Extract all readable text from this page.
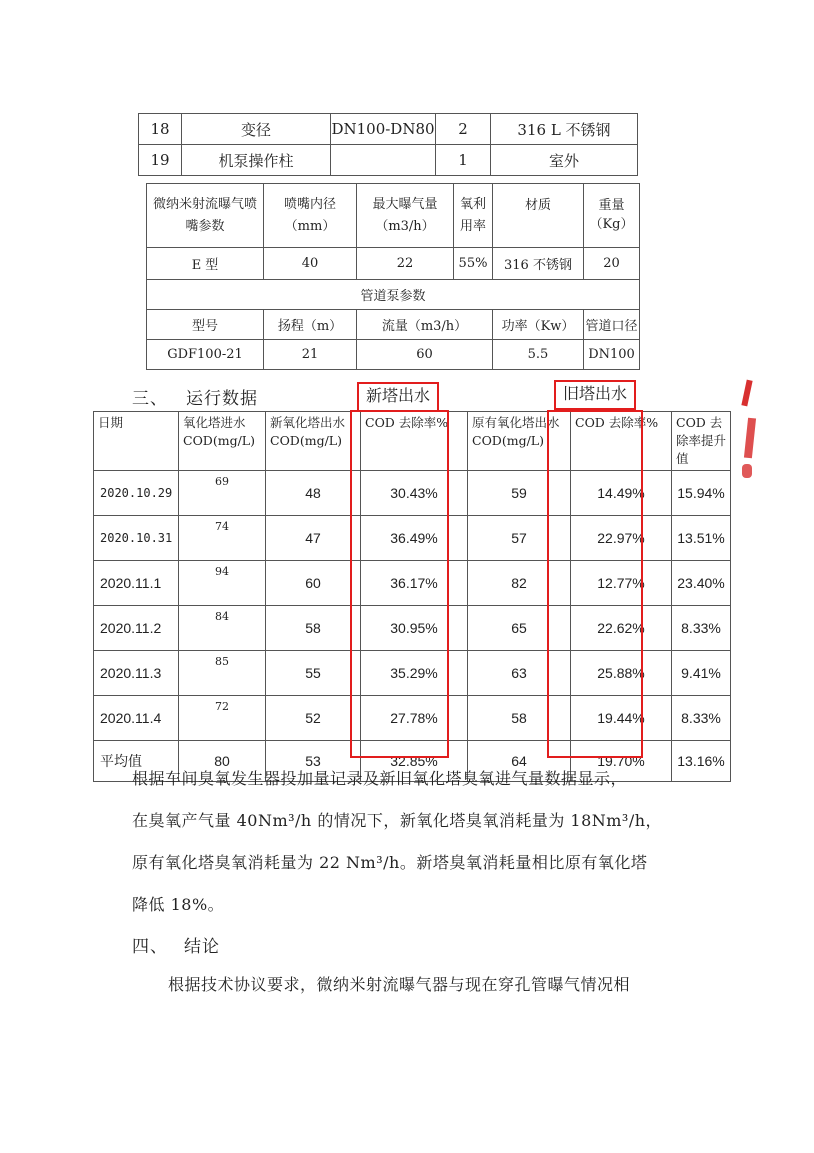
18	变径	DN100-DN80	2	316 L 不锈钢
19	机泵操作柱		1	室外
微纳米射流曝气喷嘴参数	喷嘴内径（mm）	最大曝气量（m3/h）	氧利用率	材质	重量（Kg）
E 型	40	22	55%	316 不锈钢	20
管道泵参数					
型号	扬程（m）	流量（m3/h）		功率（Kw）	管道口径
GDF100-21	21	60		5.5	DN100
三、 运行数据	新塔出水	旧塔出水
日期	氧化塔进水COD(mg/L)	新氧化塔出水COD(mg/L)	COD 去除率%	原有氧化塔出水COD(mg/L)	COD 去除率%	COD 去除率提升值
2020.10.29	69	48	30.43%	59	14.49%	15.94%
2020.10.31	74	47	36.49%	57	22.97%	13.51%
2020.11.1	94	60	36.17%	82	12.77%	23.40%
2020.11.2	84	58	30.95%	65	22.62%	8.33%
2020.11.3	85	55	35.29%	63	25.88%	9.41%
2020.11.4	72	52	27.78%	58	19.44%	8.33%
平均值	80	53	32.85%	64	19.70%	13.16%
根据车间臭氧发生器投加量记录及新旧氧化塔臭氧进气量数据显示，
在臭氧产气量 40Nm³/h 的情况下，新氧化塔臭氧消耗量为 18Nm³/h，
原有氧化塔臭氧消耗量为 22 Nm³/h。新塔臭氧消耗量相比原有氧化塔
降低 18%。
四、 结论
根据技术协议要求，微纳米射流曝气器与现在穿孔管曝气情况相
